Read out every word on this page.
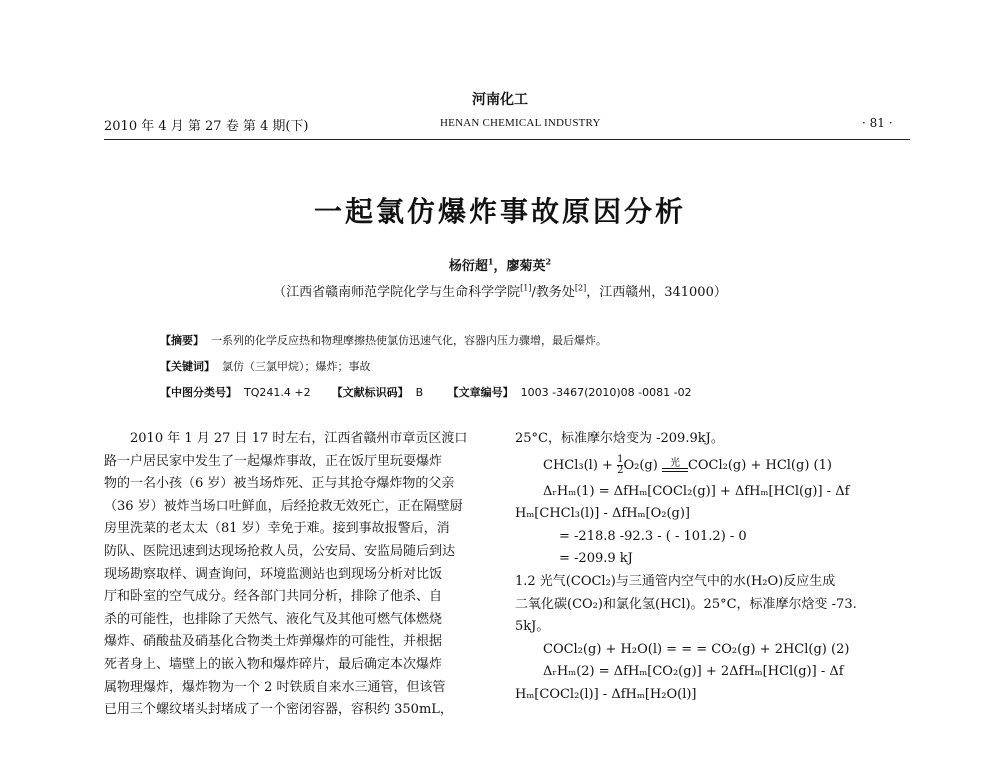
河南化工
2010 年 4 月 第 27 卷 第 4 期(下)	HENAN CHEMICAL INDUSTRY	· 81 ·
一起氯仿爆炸事故原因分析
杨衍超$^1$，廖菊英$^2$
（江西省赣南师范学院化学与生命科学学院[1]/教务处[2]，江西赣州，341000）
【摘要】 一系列的化学反应热和物理摩擦热使氯仿迅速气化，容器内压力骤增，最后爆炸。
【关键词】 氯仿（三氯甲烷）；爆炸；事故
【中图分类号】 TQ241.4 +2 【文献标识码】 B 【文章编号】 1003 -3467(2010)08 -0081 -02
2010 年 1 月 27 日 17 时左右，江西省赣州市章贡区渡口
路一户居民家中发生了一起爆炸事故，正在饭厅里玩耍爆炸
物的一名小孩（6 岁）被当场炸死、正与其抢夺爆炸物的父亲
（36 岁）被炸当场口吐鲜血，后经抢救无效死亡，正在隔壁厨
房里洗菜的老太太（81 岁）幸免于难。接到事故报警后，消
防队、医院迅速到达现场抢救人员，公安局、安监局随后到达
现场勘察取样、调查询问，环境监测站也到现场分析对比饭
厅和卧室的空气成分。经各部门共同分析，排除了他杀、自
杀的可能性，也排除了天然气、液化气及其他可燃气体燃烧
爆炸、硝酸盐及硝基化合物类土炸弹爆炸的可能性，并根据
死者身上、墙壁上的嵌入物和爆炸碎片，最后确定本次爆炸
属物理爆炸，爆炸物为一个 2 吋铁质自来水三通管，但该管
已用三个螺纹堵头封堵成了一个密闭容器，容积约 350mL，
25°C，标准摩尔焓变为 -209.9kJ。
CHCl₃(l) + $\frac{1}{2} O_2(g)$	光 COCl₂(g) + HCl(g) (1)
ΔᵣHₘ(1) = ΔfHₘ[COCl₂(g)] + ΔfHₘ[HCl(g)] - Δf
Hₘ[CHCl₃(l)] - ΔfHₘ[O₂(g)]
= -218.8 -92.3 - ( - 101.2) - 0
= -209.9 kJ
1.2 光气(COCl₂)与三通管内空气中的水(H₂O)反应生成
二氧化碳(CO₂)和氯化氢(HCl)。25°C，标准摩尔焓变 -73.
5kJ。
COCl₂(g) + H₂O(l) = = = CO₂(g) + 2HCl(g) (2)
ΔᵣHₘ(2) = ΔfHₘ[CO₂(g)] + 2ΔfHₘ[HCl(g)] - Δf
Hₘ[COCl₂(l)] - ΔfHₘ[H₂O(l)]
